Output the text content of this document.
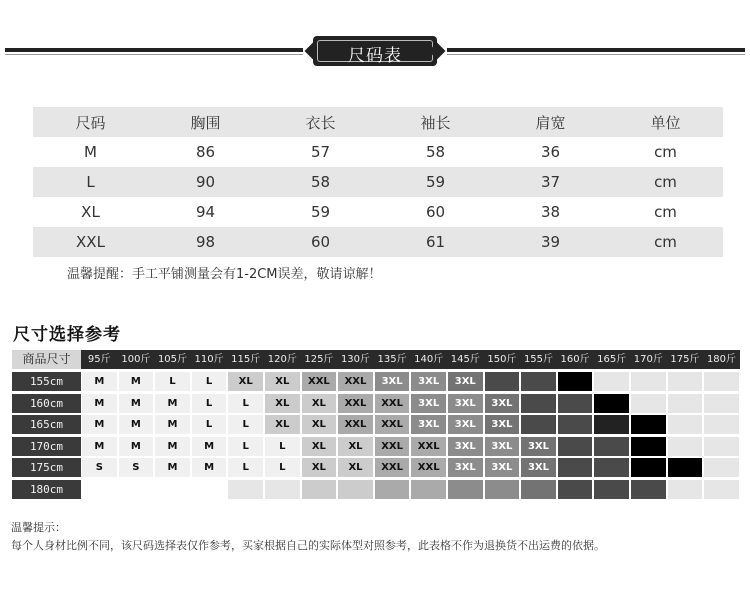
尺码表
尺码	胸围	衣长	袖长	肩宽	单位
M	86	57	58	36	cm
L	90	58	59	37	cm
XL	94	59	60	38	cm
XXL	98	60	61	39	cm
温馨提醒：手工平铺测量会有1-2CM误差，敬请谅解！
尺寸选择参考
商品尺寸	95斤	100斤 105斤 110斤 115斤 120斤 125斤 130斤 135斤 140斤 145斤 150斤 155斤 160斤 165斤 170斤 175斤 180斤
155cm	M	M	L	L	XL	XL	XXL	XXL	3XL	3XL	3XL
160cm	M	M	M	L	L	XL	XL	XXL	XXL	3XL	3XL	3XL
165cm	M	M	M	L	L	XL	XL	XXL	XXL	3XL	3XL	3XL
170cm	M	M	M	M	L	L	XL	XL	XXL	XXL	3XL	3XL	3XL
175cm	S	S	M	M	L	L	XL	XL	XXL	XXL	3XL	3XL	3XL
180cm
温馨提示：
每个人身材比例不同，该尺码选择表仅作参考，买家根据自己的实际体型对照参考，此表格不作为退换货不出运费的依据。
